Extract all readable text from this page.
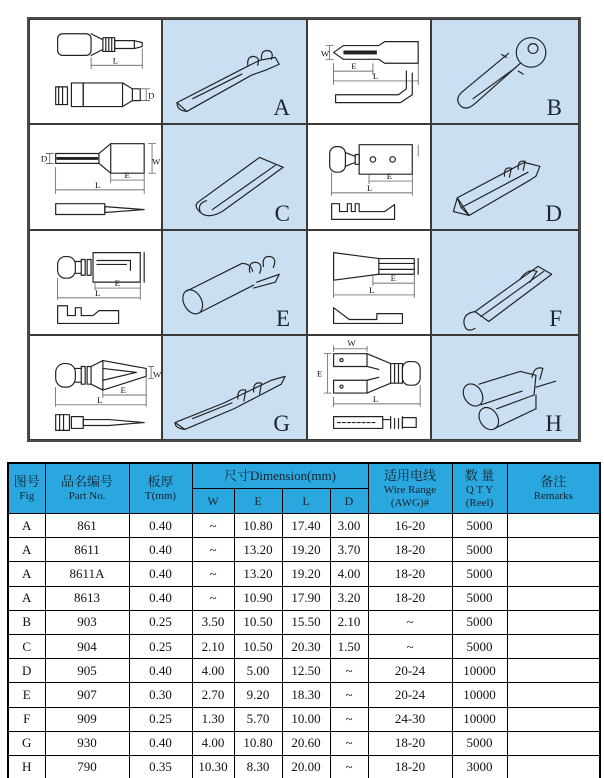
L
D	A
W
E
L
B
D	W
E
L
C
E
L
D
E
L
E
E
L
F
W
E
L
G
W
E
L
H
图号
Fig

品名编号
Part No.

板厚
T(mm)

尺寸Dimension(mm)	适用电线
Wire Range
(AWG)#

数 量
Q T Y
(Reel)

备注
Remarks

			W	E	L	D			
A	861	0.40	~	10.80	17.40	3.00	16-20	5000	
A	8611	0.40	~	13.20	19.20	3.70	18-20	5000	
A	8611A	0.40	~	13.20	19.20	4.00	18-20	5000	
A	8613	0.40	~	10.90	17.90	3.20	18-20	5000	
B	903	0.25	3.50	10.50	15.50	2.10	~	5000	
C	904	0.25	2.10	10.50	20.30	1.50	~	5000	
D	905	0.40	4.00	5.00	12.50	~	20-24	10000	
E	907	0.30	2.70	9.20	18.30	~	20-24	10000	
F	909	0.25	1.30	5.70	10.00	~	24-30	10000	
G	930	0.40	4.00	10.80	20.60	~	18-20	5000	
H	790	0.35	10.30	8.30	20.00	~	18-20	3000	
